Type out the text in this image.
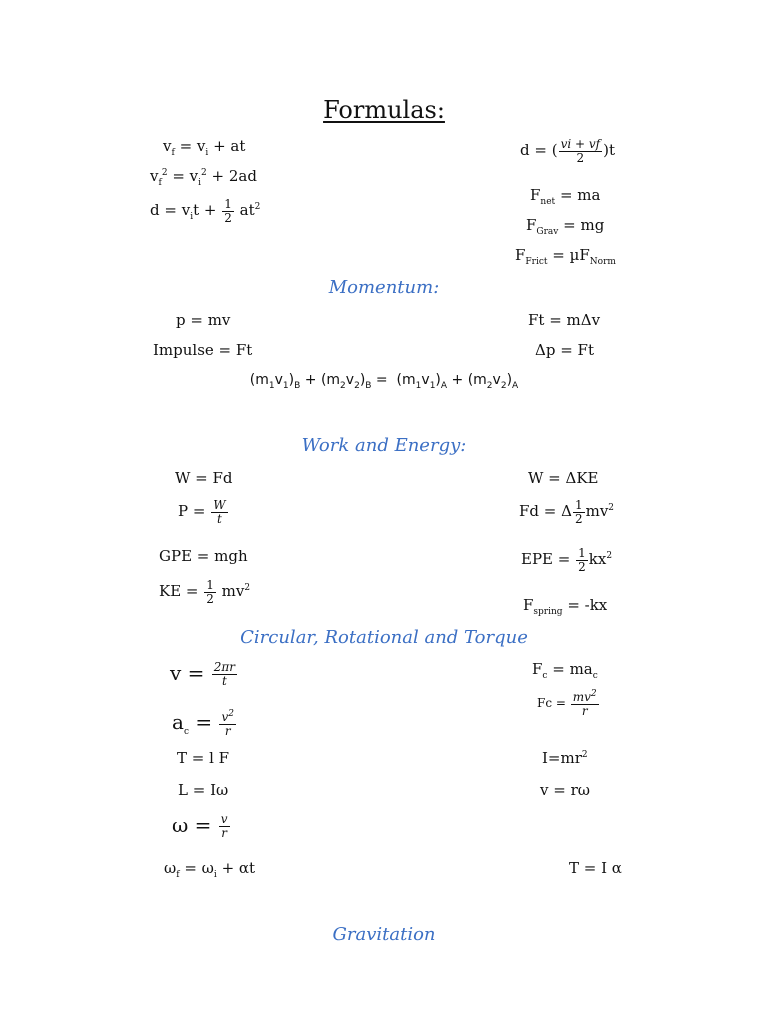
Formulas:
$v_f = v_i$ + at
$v_f^2 = v_i^2 + 2ad$
$d = v_it + \frac{1}{2} at^2$
d = ( $\frac{vi + vf}{2} )t$
$F_{net}$ = ma
$F_{Grav}$ = mg
$F_{Frict} = \mu F_{Norm}$
Momentum:
p = mv
Impulse = Ft
Ft = mΔv
Δp = Ft
$(m_1v_1)_B + (m_2v_2)_B = (m_1v_1)_A + (m_2v_2)_A$
Work and Energy:
W = Fd
$P = \frac{W}{t}$
GPE = mgh
KE = $\frac{1}{2} mv^2$
W = ΔKE
Fd = Δ $\frac{1}{2} mv^2$
EPE = $\frac{1}{2} kx^2$
$F_{spring} = -kx$
Circular, Rotational and Torque
$v = \frac{2\pi r}{t}$
$a_c = \frac{v^2}{r}$
T = l F
L = Iω
$\omega = \frac{v}{r}$
$\omega_f = \omega_i + \alpha t$
$F_c = ma_c$
$Fc = \frac{mv^2}{r}$
$I=mr^2$
v = rω
T = I α
Gravitation
